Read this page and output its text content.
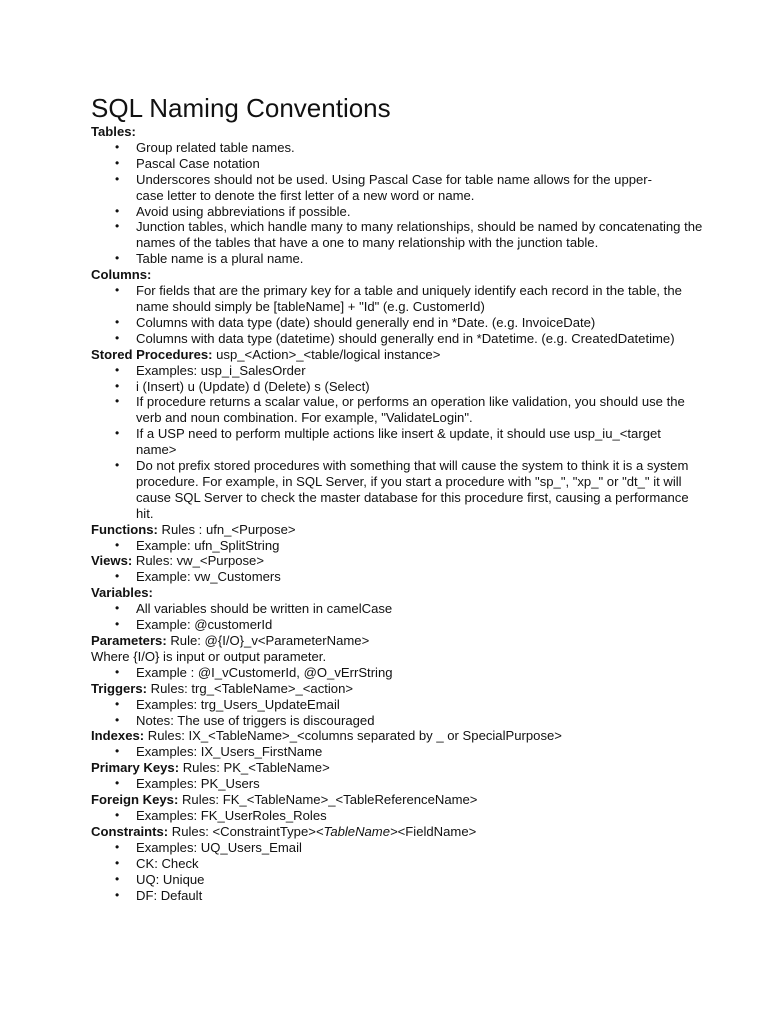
SQL Naming Conventions
Tables:
• Group related table names.
• Pascal Case notation
• Underscores should not be used. Using Pascal Case for table name allows for the upper-case letter to denote the first letter of a new word or name.
• Avoid using abbreviations if possible.
• Junction tables, which handle many to many relationships, should be named by concatenating the names of the tables that have a one to many relationship with the junction table.
• Table name is a plural name.
Columns:
• For fields that are the primary key for a table and uniquely identify each record in the table, the name should simply be [tableName] + "Id" (e.g. CustomerId)
• Columns with data type (date) should generally end in *Date. (e.g. InvoiceDate)
• Columns with data type (datetime) should generally end in *Datetime. (e.g. CreatedDatetime)
Stored Procedures: usp_<Action>_<table/logical instance>
• Examples: usp_i_SalesOrder
• i (Insert) u (Update) d (Delete) s (Select)
• If procedure returns a scalar value, or performs an operation like validation, you should use the verb and noun combination. For example, "ValidateLogin".
• If a USP need to perform multiple actions like insert & update, it should use usp_iu_<target name>
• Do not prefix stored procedures with something that will cause the system to think it is a system procedure. For example, in SQL Server, if you start a procedure with "sp_", "xp_" or "dt_" it will cause SQL Server to check the master database for this procedure first, causing a performance hit.
Functions: Rules : ufn_<Purpose>
• Example: ufn_SplitString
Views: Rules: vw_<Purpose>
• Example: vw_Customers
Variables:
• All variables should be written in camelCase
• Example: @customerId
Parameters: Rule: @{I/O}_v<ParameterName>
Where {I/O} is input or output parameter.
• Example : @I_vCustomerId, @O_vErrString
Triggers: Rules: trg_<TableName>_<action>
• Examples: trg_Users_UpdateEmail
• Notes: The use of triggers is discouraged
Indexes: Rules: IX_<TableName>_<columns separated by _ or SpecialPurpose>
• Examples: IX_Users_FirstName
Primary Keys: Rules: PK_<TableName>
• Examples: PK_Users
Foreign Keys: Rules: FK_<TableName>_<TableReferenceName>
• Examples: FK_UserRoles_Roles
Constraints: Rules: <ConstraintType><TableName><FieldName>
• Examples: UQ_Users_Email
• CK: Check
• UQ: Unique
• DF: Default
